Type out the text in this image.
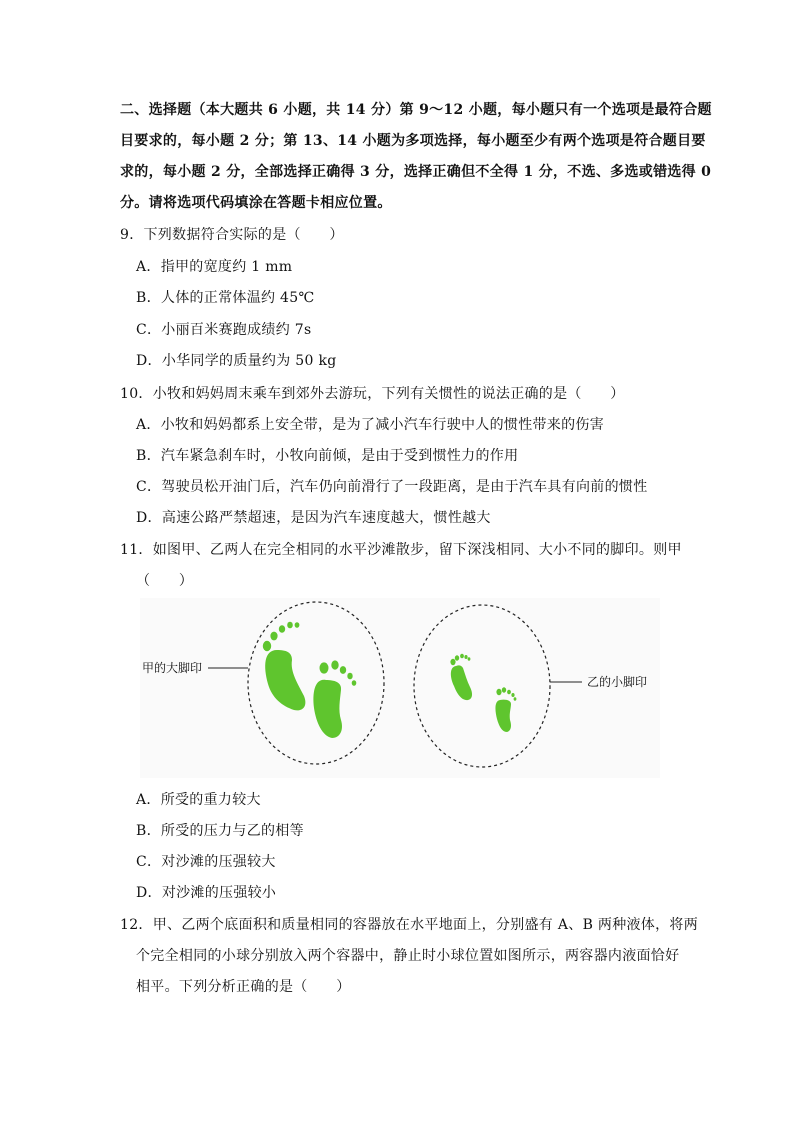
二、选择题（本大题共 6 小题，共 14 分）第 9～12 小题，每小题只有一个选项是最符合题
目要求的，每小题 2 分；第 13、14 小题为多项选择，每小题至少有两个选项是符合题目要
求的，每小题 2 分，全部选择正确得 3 分，选择正确但不全得 1 分，不选、多选或错选得 0
分。请将选项代码填涂在答题卡相应位置。
9．下列数据符合实际的是（　　）
A．指甲的宽度约 1 mm
B．人体的正常体温约 45℃
C．小丽百米赛跑成绩约 7s
D．小华同学的质量约为 50 kg
10．小牧和妈妈周末乘车到郊外去游玩，下列有关惯性的说法正确的是（　　）
A．小牧和妈妈都系上安全带，是为了减小汽车行驶中人的惯性带来的伤害
B．汽车紧急刹车时，小牧向前倾，是由于受到惯性力的作用
C．驾驶员松开油门后，汽车仍向前滑行了一段距离，是由于汽车具有向前的惯性
D．高速公路严禁超速，是因为汽车速度越大，惯性越大
11．如图甲、乙两人在完全相同的水平沙滩散步，留下深浅相同、大小不同的脚印。则甲
（　　）
甲的大脚印
乙的小脚印
A．所受的重力较大
B．所受的压力与乙的相等
C．对沙滩的压强较大
D．对沙滩的压强较小
12．甲、乙两个底面积和质量相同的容器放在水平地面上，分别盛有 A、B 两种液体，将两
个完全相同的小球分别放入两个容器中，静止时小球位置如图所示，两容器内液面恰好
相平。下列分析正确的是（　　）
